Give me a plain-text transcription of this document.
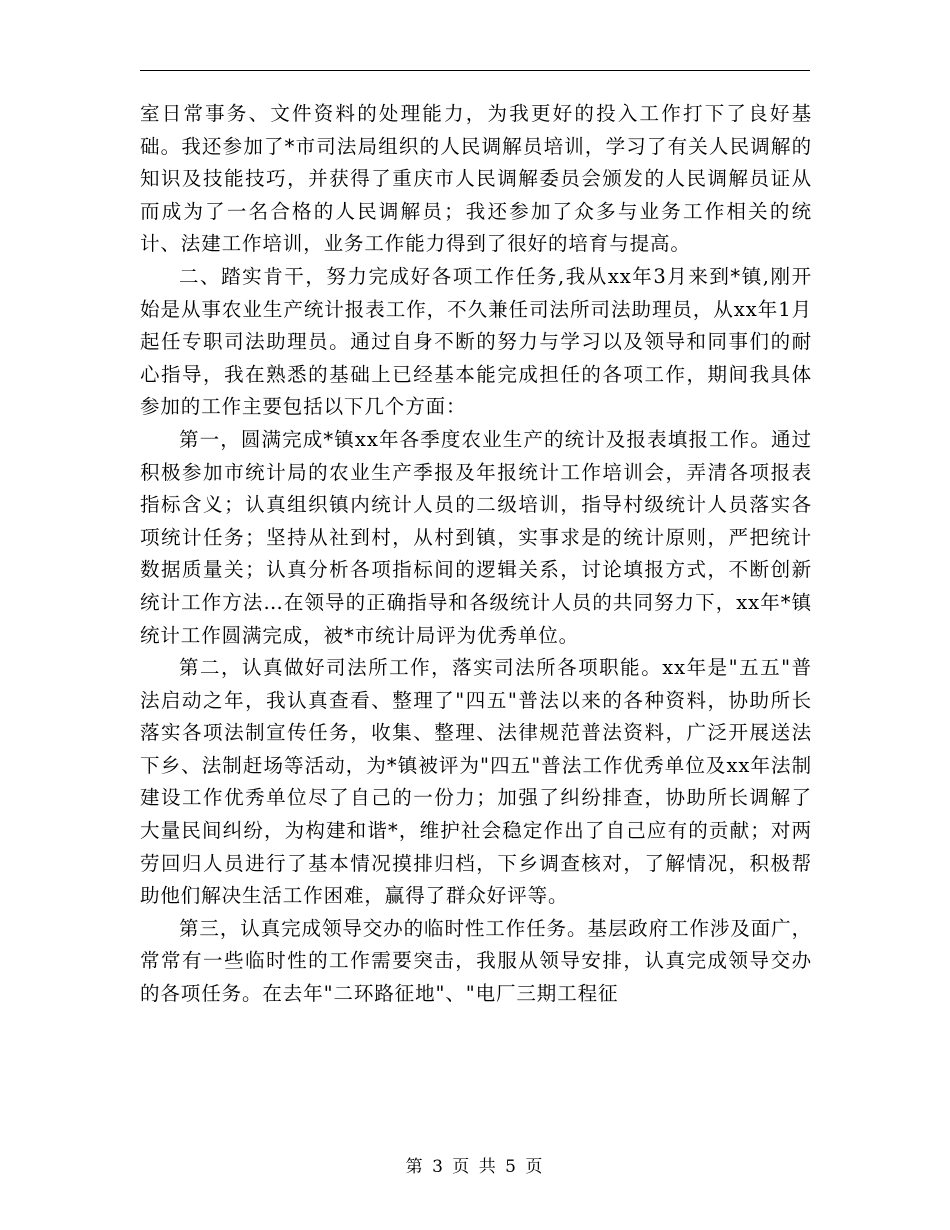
室日常事务、文件资料的处理能力，为我更好的投入工作打下了良好基础。我还参加了*市司法局组织的人民调解员培训，学习了有关人民调解的知识及技能技巧，并获得了重庆市人民调解委员会颁发的人民调解员证从而成为了一名合格的人民调解员；我还参加了众多与业务工作相关的统计、法建工作培训，业务工作能力得到了很好的培育与提高。

二、踏实肯干，努力完成好各项工作任务,我从xx年3月来到*镇,刚开始是从事农业生产统计报表工作，不久兼任司法所司法助理员，从xx年1月起任专职司法助理员。通过自身不断的努力与学习以及领导和同事们的耐心指导，我在熟悉的基础上已经基本能完成担任的各项工作，期间我具体参加的工作主要包括以下几个方面：

第一，圆满完成*镇xx年各季度农业生产的统计及报表填报工作。通过积极参加市统计局的农业生产季报及年报统计工作培训会，弄清各项报表指标含义；认真组织镇内统计人员的二级培训，指导村级统计人员落实各项统计任务；坚持从社到村，从村到镇，实事求是的统计原则，严把统计数据质量关；认真分析各项指标间的逻辑关系，讨论填报方式，不断创新统计工作方法…在领导的正确指导和各级统计人员的共同努力下，xx年*镇统计工作圆满完成，被*市统计局评为优秀单位。

第二，认真做好司法所工作，落实司法所各项职能。xx年是"五五"普法启动之年，我认真查看、整理了"四五"普法以来的各种资料，协助所长落实各项法制宣传任务，收集、整理、法律规范普法资料，广泛开展送法下乡、法制赶场等活动，为*镇被评为"四五"普法工作优秀单位及xx年法制建设工作优秀单位尽了自己的一份力；加强了纠纷排查，协助所长调解了大量民间纠纷，为构建和谐*，维护社会稳定作出了自己应有的贡献；对两劳回归人员进行了基本情况摸排归档，下乡调查核对，了解情况，积极帮助他们解决生活工作困难，赢得了群众好评等。

第三，认真完成领导交办的临时性工作任务。基层政府工作涉及面广，常常有一些临时性的工作需要突击，我服从领导安排，认真完成领导交办的各项任务。在去年"二环路征地"、"电厂三期工程征

第 3 页 共 5 页
